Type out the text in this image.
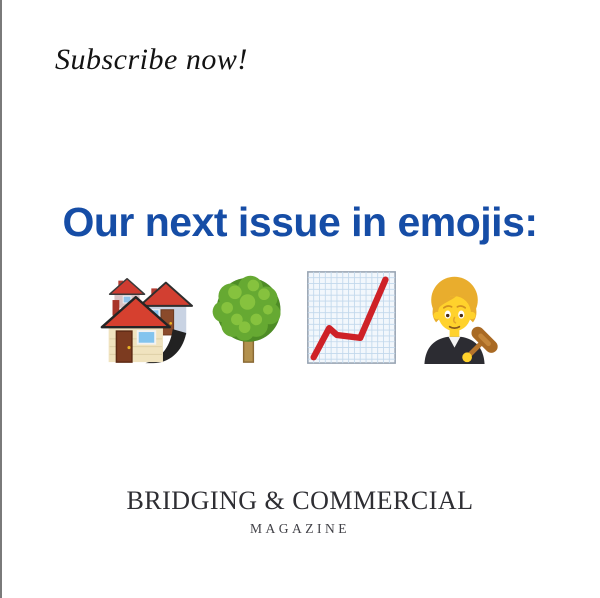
Subscribe now!
Our next issue in emojis:
BRIDGING & COMMERCIAL
MAGAZINE
